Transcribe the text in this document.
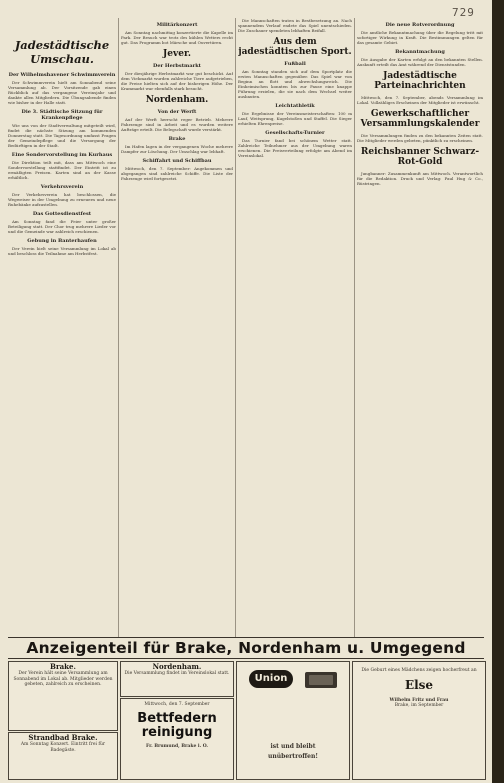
729
Jadestädtische Umschau.
Der Wilhelmshavener Schwimmverein

Der Schwimmverein hielt am Sonnabend seine Versammlung ab. Der Vorsitzende gab einen Rückblick auf das vergangene Vereinsjahr und dankte allen Mitgliedern. Die Übungsabende finden wie bisher in der Halle statt.

Die 3. Städtische Sitzung für Krankenpflege

Wie uns von der Stadtverwaltung mitgeteilt wird, findet die nächste Sitzung am kommenden Donnerstag statt. Die Tagesordnung umfasst Fragen der Gemeindepflege und die Versorgung der Bedürftigen in der Stadt.

Eine Sondervorstellung im Kurhaus

Die Direktion teilt mit, dass am Mittwoch eine Sondervorstellung stattfindet. Der Eintritt ist zu ermäßigten Preisen. Karten sind an der Kasse erhältlich.

Verkehrsverein

Der Verkehrsverein hat beschlossen, die Wegweiser in der Umgebung zu erneuern und neue Ruhebänke aufzustellen.

Das Gottesdienstfest

Am Sonntag fand die Feier unter großer Beteiligung statt. Der Chor trug mehrere Lieder vor und die Gemeinde war zahlreich erschienen.

Gebung in Banterhaufen

Der Verein hielt seine Versammlung im Lokal ab und beschloss die Teilnahme am Herbstfest.

Militärkonzert

Am Sonntag nachmittag konzertierte die Kapelle im Park. Der Besuch war trotz des kühlen Wetters recht gut. Das Programm bot Märsche und Ouvertüren.

Jever.
Der Herbstmarkt

Der diesjährige Herbstmarkt war gut beschickt. Auf dem Viehmarkt wurden zahlreiche Tiere aufgetrieben, die Preise hielten sich auf der bisherigen Höhe. Der Krammarkt war ebenfalls stark besucht.

Nordenham.
Von der Werft

Auf der Werft herrscht reger Betrieb. Mehrere Fahrzeuge sind in Arbeit und es wurden weitere Aufträge erteilt. Die Belegschaft wurde verstärkt.

Brake

Im Hafen lagen in der vergangenen Woche mehrere Dampfer zur Löschung. Der Umschlag war lebhaft.

Schiffahrt und Schiffbau

Mittwoch, den 7. September: Angekommen und abgegangen sind zahlreiche Schiffe. Die Liste der Fahrzeuge wird fortgesetzt.

Die Mannschaften traten in Bestbesetzung an. Nach spannendem Verlauf endete das Spiel unentschieden. Die Zuschauer spendeten lebhaften Beifall.

Aus dem jadestädtischen Sport.
Fußball

Am Sonntag standen sich auf dem Sportplatz die ersten Mannschaften gegenüber. Das Spiel war von Beginn an flott und abwechslungsreich. Die Einheimischen konnten bis zur Pause eine knappe Führung erzielen, die sie nach dem Wechsel weiter ausbauten.

Leichtathletik

Die Ergebnisse der Vereinsmeisterschaften: 100 m Lauf, Weitsprung, Kugelstoßen und Staffel. Die Sieger erhielten Ehrenpreise.

Gesellschafts-Turnier

Das Turnier fand bei schönem Wetter statt. Zahlreiche Teilnehmer aus der Umgebung waren erschienen. Die Preisverteilung erfolgte am Abend im Vereinslokal.

Die neue Rotverordnung

Die amtliche Bekanntmachung über die Regelung tritt mit sofortiger Wirkung in Kraft. Die Bestimmungen gelten für das gesamte Gebiet.

Bekanntmachung

Die Ausgabe der Karten erfolgt an den bekannten Stellen. Auskunft erteilt das Amt während der Dienststunden.

Jadestädtische Parteinachrichten

Mittwoch, den 7. September, abends Versammlung im Lokal. Vollzähliges Erscheinen der Mitglieder ist erwünscht.

Gewerkschaftlicher Versammlungskalender

Die Versammlungen finden zu den bekannten Zeiten statt. Die Mitglieder werden gebeten, pünktlich zu erscheinen.

Reichsbanner Schwarz-Rot-Gold

Jungbanner: Zusammenkunft am Mittwoch. Verantwortlich für die Redaktion. Druck und Verlag: Paul Hug & Co., Rüstringen.

Anzeigenteil für Brake, Nordenham u. Umgegend
Brake.
Der Verein hält seine Versammlung am Sonnabend im Lokal ab. Mitglieder werden gebeten, zahlreich zu erscheinen.
Strandbad Brake.
Am Sonntag Konzert. Eintritt frei für Badegäste.
Nordenham.
Die Versammlung findet im Vereinslokal statt.
Mittwoch, den 7. September
Bettfedern
reinigung
Fr. Brumund, Brake i. O.
Union
ist und bleibt
unübertroffen!
Die Geburt eines Mädchens zeigen hocherfreut an
Else
Wilhelm Fritz und Frau
Brake, im September
